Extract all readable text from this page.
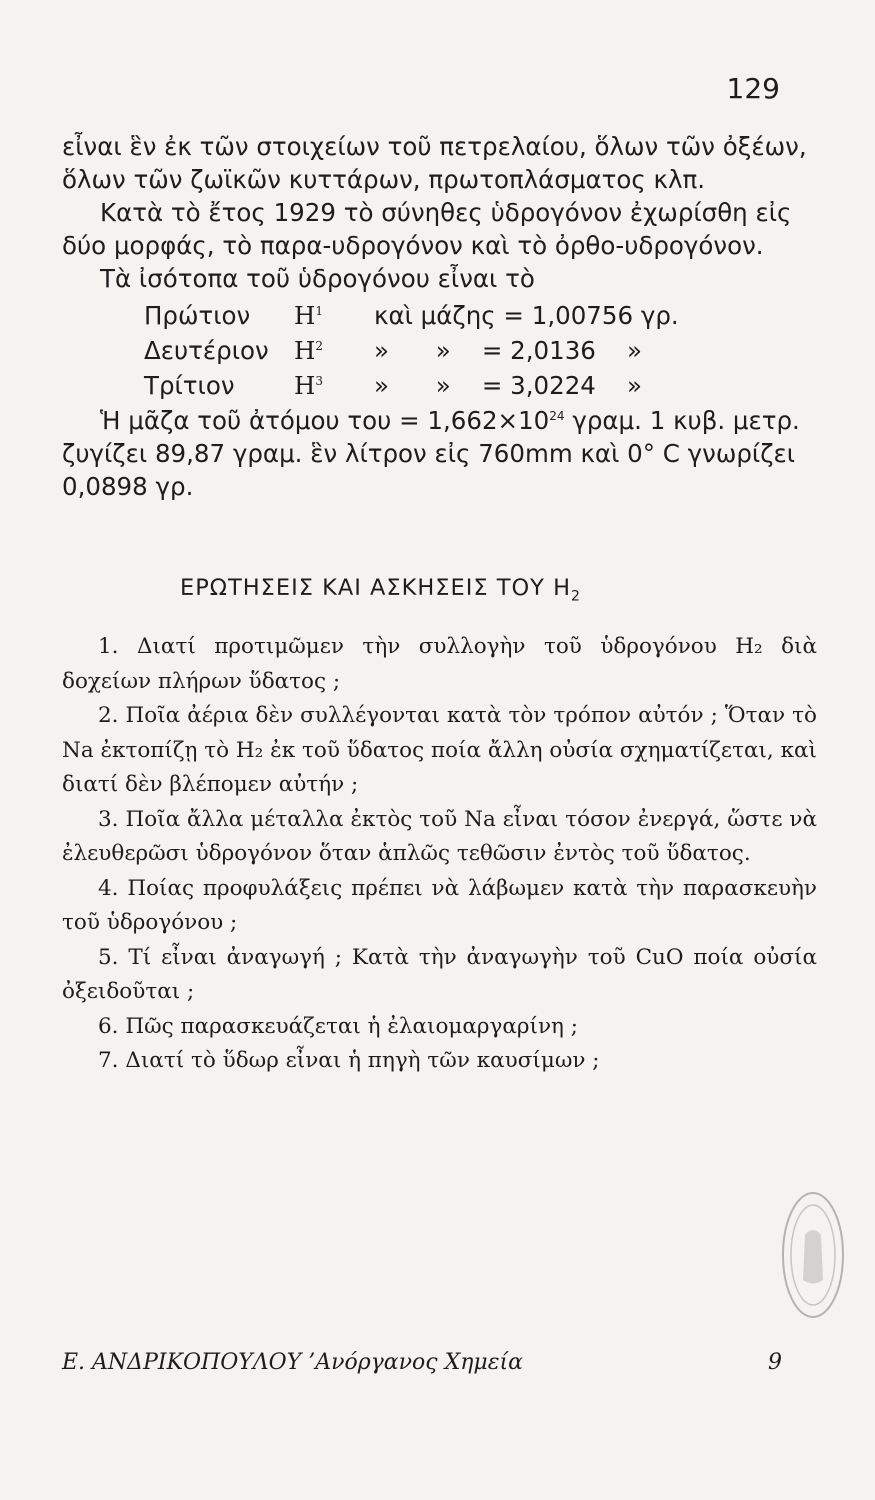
129

εἶναι ἓν ἐκ τῶν στοιχείων τοῦ πετρελαίου, ὅλων τῶν ὀξέων, ὅλων τῶν ζωϊκῶν κυττάρων, πρωτοπλάσματος κλπ.

Κατὰ τὸ ἔτος 1929 τὸ σύνηθες ὑδρογόνον ἐχωρίσθη εἰς δύο μορφάς, τὸ παρα-υδρογόνον καὶ τὸ ὀρθο-υδρογόνον.

Τὰ ἰσότοπα τοῦ ὑδρογόνου εἶναι τὸ

Πρώτιον	$H^1$	καὶ μάζης = 1,00756 γρ.
Δευτέριον	$H^2$	»      »    = 2,0136    »
Τρίτιον	$H^3$	»      »    = 3,0224    »

Ἡ μᾶζα τοῦ ἀτόμου $\tau o\upsilon = 1,662\times 10^{24}$ γραμ. 1 κυβ. μετρ. ζυγίζει 89,87 γραμ. ἓν λίτρον εἰς 760mm καὶ 0° C γνωρίζει 0,0898 γρ.

ΕΡΩΤΗΣΕΙΣ ΚΑΙ ΑΣΚΗΣΕΙΣ ΤΟΥ $H_2$

1. Διατί προτιμῶμεν τὴν συλλογὴν τοῦ ὑδρογόνου H₂ διὰ δοχείων πλήρων ὕδατος ;

2. Ποῖα ἀέρια δὲν συλλέγονται κατὰ τὸν τρόπον αὐτόν ; Ὅταν τὸ Na ἐκτοπίζῃ τὸ H₂ ἐκ τοῦ ὕδατος ποία ἄλλη οὐσία σχηματίζεται, καὶ διατί δὲν βλέπομεν αὐτήν ;

3. Ποῖα ἄλλα μέταλλα ἐκτὸς τοῦ Na εἶναι τόσον ἐνεργά, ὥστε νὰ ἐλευθερῶσι ὑδρογόνον ὅταν ἁπλῶς τεθῶσιν ἐντὸς τοῦ ὕδατος.

4. Ποίας προφυλάξεις πρέπει νὰ λάβωμεν κατὰ τὴν παρασκευὴν τοῦ ὑδρογόνου ;

5. Τί εἶναι ἀναγωγή ; Κατὰ τὴν ἀναγωγὴν τοῦ CuO ποία οὐσία ὀξειδοῦται ;

6. Πῶς παρασκευάζεται ἡ ἐλαιομαργαρίνη ;

7. Διατί τὸ ὕδωρ εἶναι ἡ πηγὴ τῶν καυσίμων ;

Ε. ΑΝΔΡΙΚΟΠΟΥΛΟΥ ’Ανόργανος Χημεία	9
